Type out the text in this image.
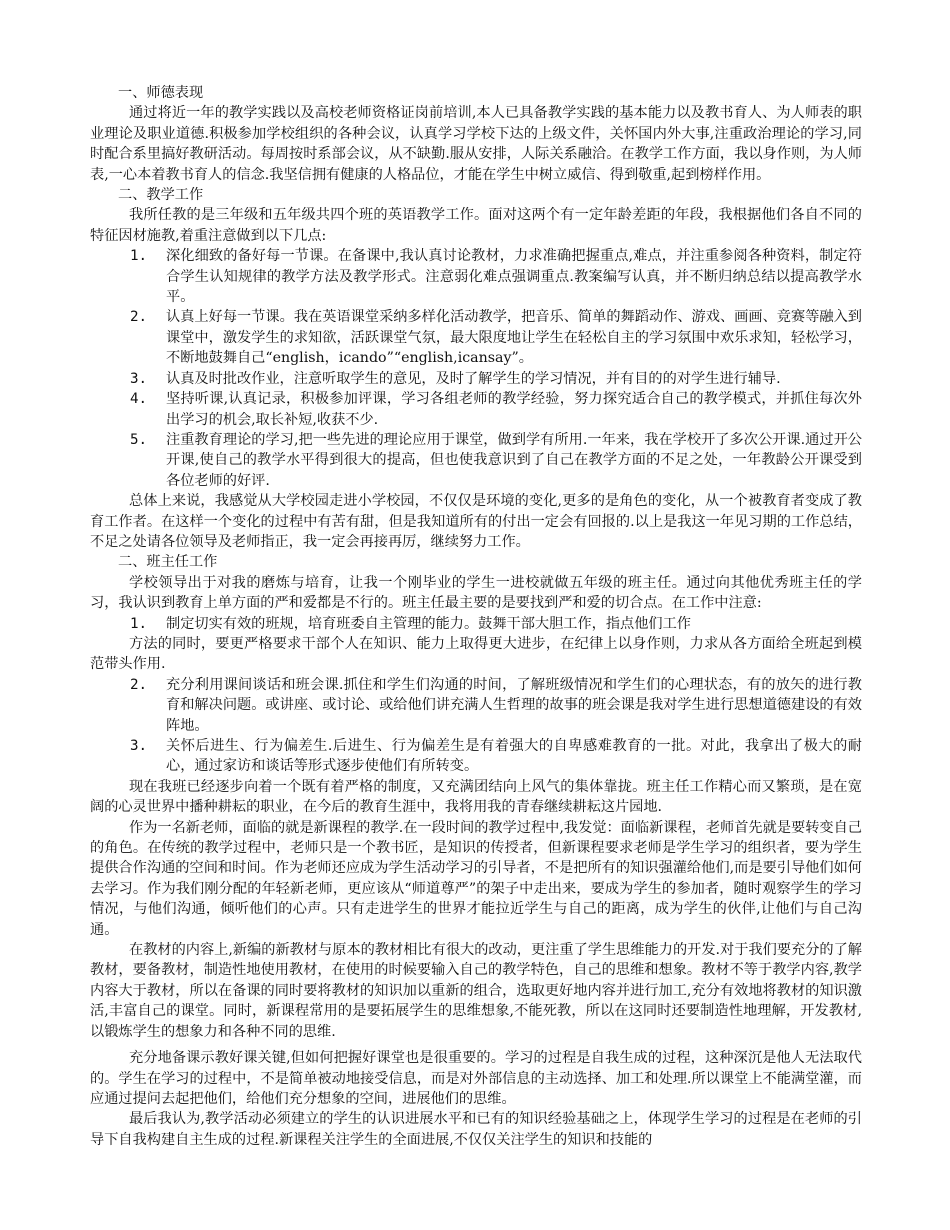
一、师德表现

通过将近一年的教学实践以及高校老师资格证岗前培训,本人已具备教学实践的基本能力以及教书育人、为人师表的职业理论及职业道德.积极参加学校组织的各种会议，认真学习学校下达的上级文件，关怀国内外大事,注重政治理论的学习,同时配合系里搞好教研活动。每周按时系部会议，从不缺勤.服从安排，人际关系融洽。在教学工作方面，我以身作则，为人师表,一心本着教书育人的信念.我坚信拥有健康的人格品位，才能在学生中树立威信、得到敬重,起到榜样作用。

二、教学工作

我所任教的是三年级和五年级共四个班的英语教学工作。面对这两个有一定年龄差距的年段，我根据他们各自不同的特征因材施教,着重注意做到以下几点:

1. 深化细致的备好每一节课。在备课中,我认真讨论教材，力求准确把握重点,难点，并注重参阅各种资料，制定符合学生认知规律的教学方法及教学形式。注意弱化难点强调重点.教案编写认真，并不断归纳总结以提高教学水平。
2. 认真上好每一节课。我在英语课堂采纳多样化活动教学，把音乐、简单的舞蹈动作、游戏、画画、竞赛等融入到课堂中，激发学生的求知欲，活跃课堂气氛，最大限度地让学生在轻松自主的学习氛围中欢乐求知，轻松学习，不断地鼓舞自己“english，icando”“english,icansay”。
3. 认真及时批改作业，注意听取学生的意见，及时了解学生的学习情况，并有目的的对学生进行辅导.
4. 坚持听课,认真记录，积极参加评课，学习各组老师的教学经验，努力探究适合自己的教学模式，并抓住每次外出学习的机会,取长补短,收获不少.
5. 注重教育理论的学习,把一些先进的理论应用于课堂，做到学有所用.一年来，我在学校开了多次公开课.通过开公开课,使自己的教学水平得到很大的提高，但也使我意识到了自己在教学方面的不足之处，一年教龄公开课受到各位老师的好评.

总体上来说，我感觉从大学校园走进小学校园，不仅仅是环境的变化,更多的是角色的变化，从一个被教育者变成了教育工作者。在这样一个变化的过程中有苦有甜，但是我知道所有的付出一定会有回报的.以上是我这一年见习期的工作总结，不足之处请各位领导及老师指正，我一定会再接再厉，继续努力工作。

二、班主任工作

学校领导出于对我的磨炼与培育，让我一个刚毕业的学生一进校就做五年级的班主任。通过向其他优秀班主任的学习，我认识到教育上单方面的严和爱都是不行的。班主任最主要的是要找到严和爱的切合点。在工作中注意:

1. 制定切实有效的班规，培育班委自主管理的能力。鼓舞干部大胆工作，指点他们工作

方法的同时，要更严格要求干部个人在知识、能力上取得更大进步，在纪律上以身作则，力求从各方面给全班起到模范带头作用.

2. 充分利用课间谈话和班会课.抓住和学生们沟通的时间，了解班级情况和学生们的心理状态，有的放矢的进行教育和解决问题。或讲座、或讨论、或给他们讲充满人生哲理的故事的班会课是我对学生进行思想道德建设的有效阵地。
3. 关怀后进生、行为偏差生.后进生、行为偏差生是有着强大的自卑感难教育的一批。对此，我拿出了极大的耐心，通过家访和谈话等形式逐步使他们有所转变。

现在我班已经逐步向着一个既有着严格的制度，又充满团结向上风气的集体靠拢。班主任工作精心而又繁琐，是在宽阔的心灵世界中播种耕耘的职业，在今后的教育生涯中，我将用我的青春继续耕耘这片园地.

作为一名新老师，面临的就是新课程的教学.在一段时间的教学过程中,我发觉：面临新课程，老师首先就是要转变自己的角色。在传统的教学过程中，老师只是一个教书匠，是知识的传授者，但新课程要求老师是学生学习的组织者，要为学生提供合作沟通的空间和时间。作为老师还应成为学生活动学习的引导者，不是把所有的知识强灌给他们,而是要引导他们如何去学习。作为我们刚分配的年轻新老师，更应该从“师道尊严”的架子中走出来，要成为学生的参加者，随时观察学生的学习情况，与他们沟通，倾听他们的心声。只有走进学生的世界才能拉近学生与自己的距离，成为学生的伙伴,让他们与自己沟通。

在教材的内容上,新编的新教材与原本的教材相比有很大的改动，更注重了学生思维能力的开发.对于我们要充分的了解教材，要备教材，制造性地使用教材，在使用的时候要输入自己的教学特色，自己的思维和想象。教材不等于教学内容,教学内容大于教材，所以在备课的同时要将教材的知识加以重新的组合，选取更好地内容并进行加工,充分有效地将教材的知识激活,丰富自己的课堂。同时，新课程常用的是要拓展学生的思维想象,不能死教，所以在这同时还要制造性地理解，开发教材,以锻炼学生的想象力和各种不同的思维.

充分地备课示教好课关键,但如何把握好课堂也是很重要的。学习的过程是自我生成的过程，这种深沉是他人无法取代的。学生在学习的过程中，不是简单被动地接受信息，而是对外部信息的主动选择、加工和处理.所以课堂上不能满堂灌，而应通过提问去起把他们，给他们充分想象的空间，进展他们的思维。

最后我认为,教学活动必须建立的学生的认识进展水平和已有的知识经验基础之上，体现学生学习的过程是在老师的引导下自我构建自主生成的过程.新课程关注学生的全面进展,不仅仅关注学生的知识和技能的
